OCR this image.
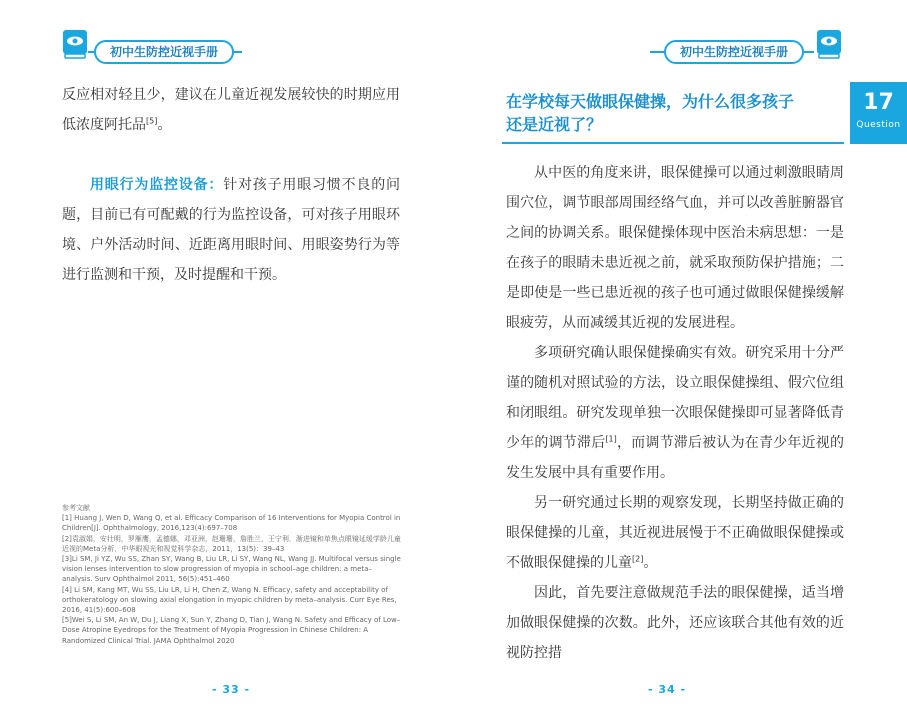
初中生防控近视手册
反应相对轻且少，建议在儿童近视发展较快的时期应用低浓度阿托品[5]。

用眼行为监控设备：针对孩子用眼习惯不良的问题，目前已有可配戴的行为监控设备，可对孩子用眼环境、户外活动时间、近距离用眼时间、用眼姿势行为等进行监测和干预，及时提醒和干预。

参考文献
[1] Huang J, Wen D, Wang Q, et al. Efficacy Comparison of 16 Interventions for Myopia Control in Children[J]. Ophthalmology, 2016,123(4):697–708
[2]袁淑娟，安壮明，罗雁鹰，孟德娜，邓亚洲，赵珊珊，詹胜兰，王宁利．渐进镜和单焦点眼镜延缓学龄儿童近视的Meta分析．中华眼视光和视觉科学杂志，2011，13(5)：39–43
[3]Li SM, Ji YZ, Wu SS, Zhan SY, Wang B, Liu LR, Li SY, Wang NL, Wang JJ. Multifocal versus single vision lenses intervention to slow progression of myopia in school–age children: a meta–analysis. Surv Ophthalmol 2011, 56(5):451–460
[4] Li SM, Kang MT, Wu SS, Liu LR, Li H, Chen Z, Wang N. Efficacy, safety and acceptability of orthokeratology on slowing axial elongation in myopic children by meta–analysis. Curr Eye Res, 2016, 41(5):600–608
[5]Wei S, Li SM, An W, Du J, Liang X, Sun Y, Zhang D, Tian J, Wang N. Safety and Efficacy of Low–Dose Atropine Eyedrops for the Treatment of Myopia Progression in Chinese Children: A Randomized Clinical Trial. JAMA Ophthalmol 2020
- 33 -
初中生防控近视手册
在学校每天做眼保健操，为什么很多孩子还是近视了？
17
Question

从中医的角度来讲，眼保健操可以通过刺激眼睛周围穴位，调节眼部周围经络气血，并可以改善脏腑器官之间的协调关系。眼保健操体现中医治未病思想：一是在孩子的眼睛未患近视之前，就采取预防保护措施；二是即使是一些已患近视的孩子也可通过做眼保健操缓解眼疲劳，从而减缓其近视的发展进程。

多项研究确认眼保健操确实有效。研究采用十分严谨的随机对照试验的方法，设立眼保健操组、假穴位组和闭眼组。研究发现单独一次眼保健操即可显著降低青少年的调节滞后[1]，而调节滞后被认为在青少年近视的发生发展中具有重要作用。

另一研究通过长期的观察发现，长期坚持做正确的眼保健操的儿童，其近视进展慢于不正确做眼保健操或不做眼保健操的儿童[2]。

因此，首先要注意做规范手法的眼保健操，适当增加做眼保健操的次数。此外，还应该联合其他有效的近视防控措

- 34 -
